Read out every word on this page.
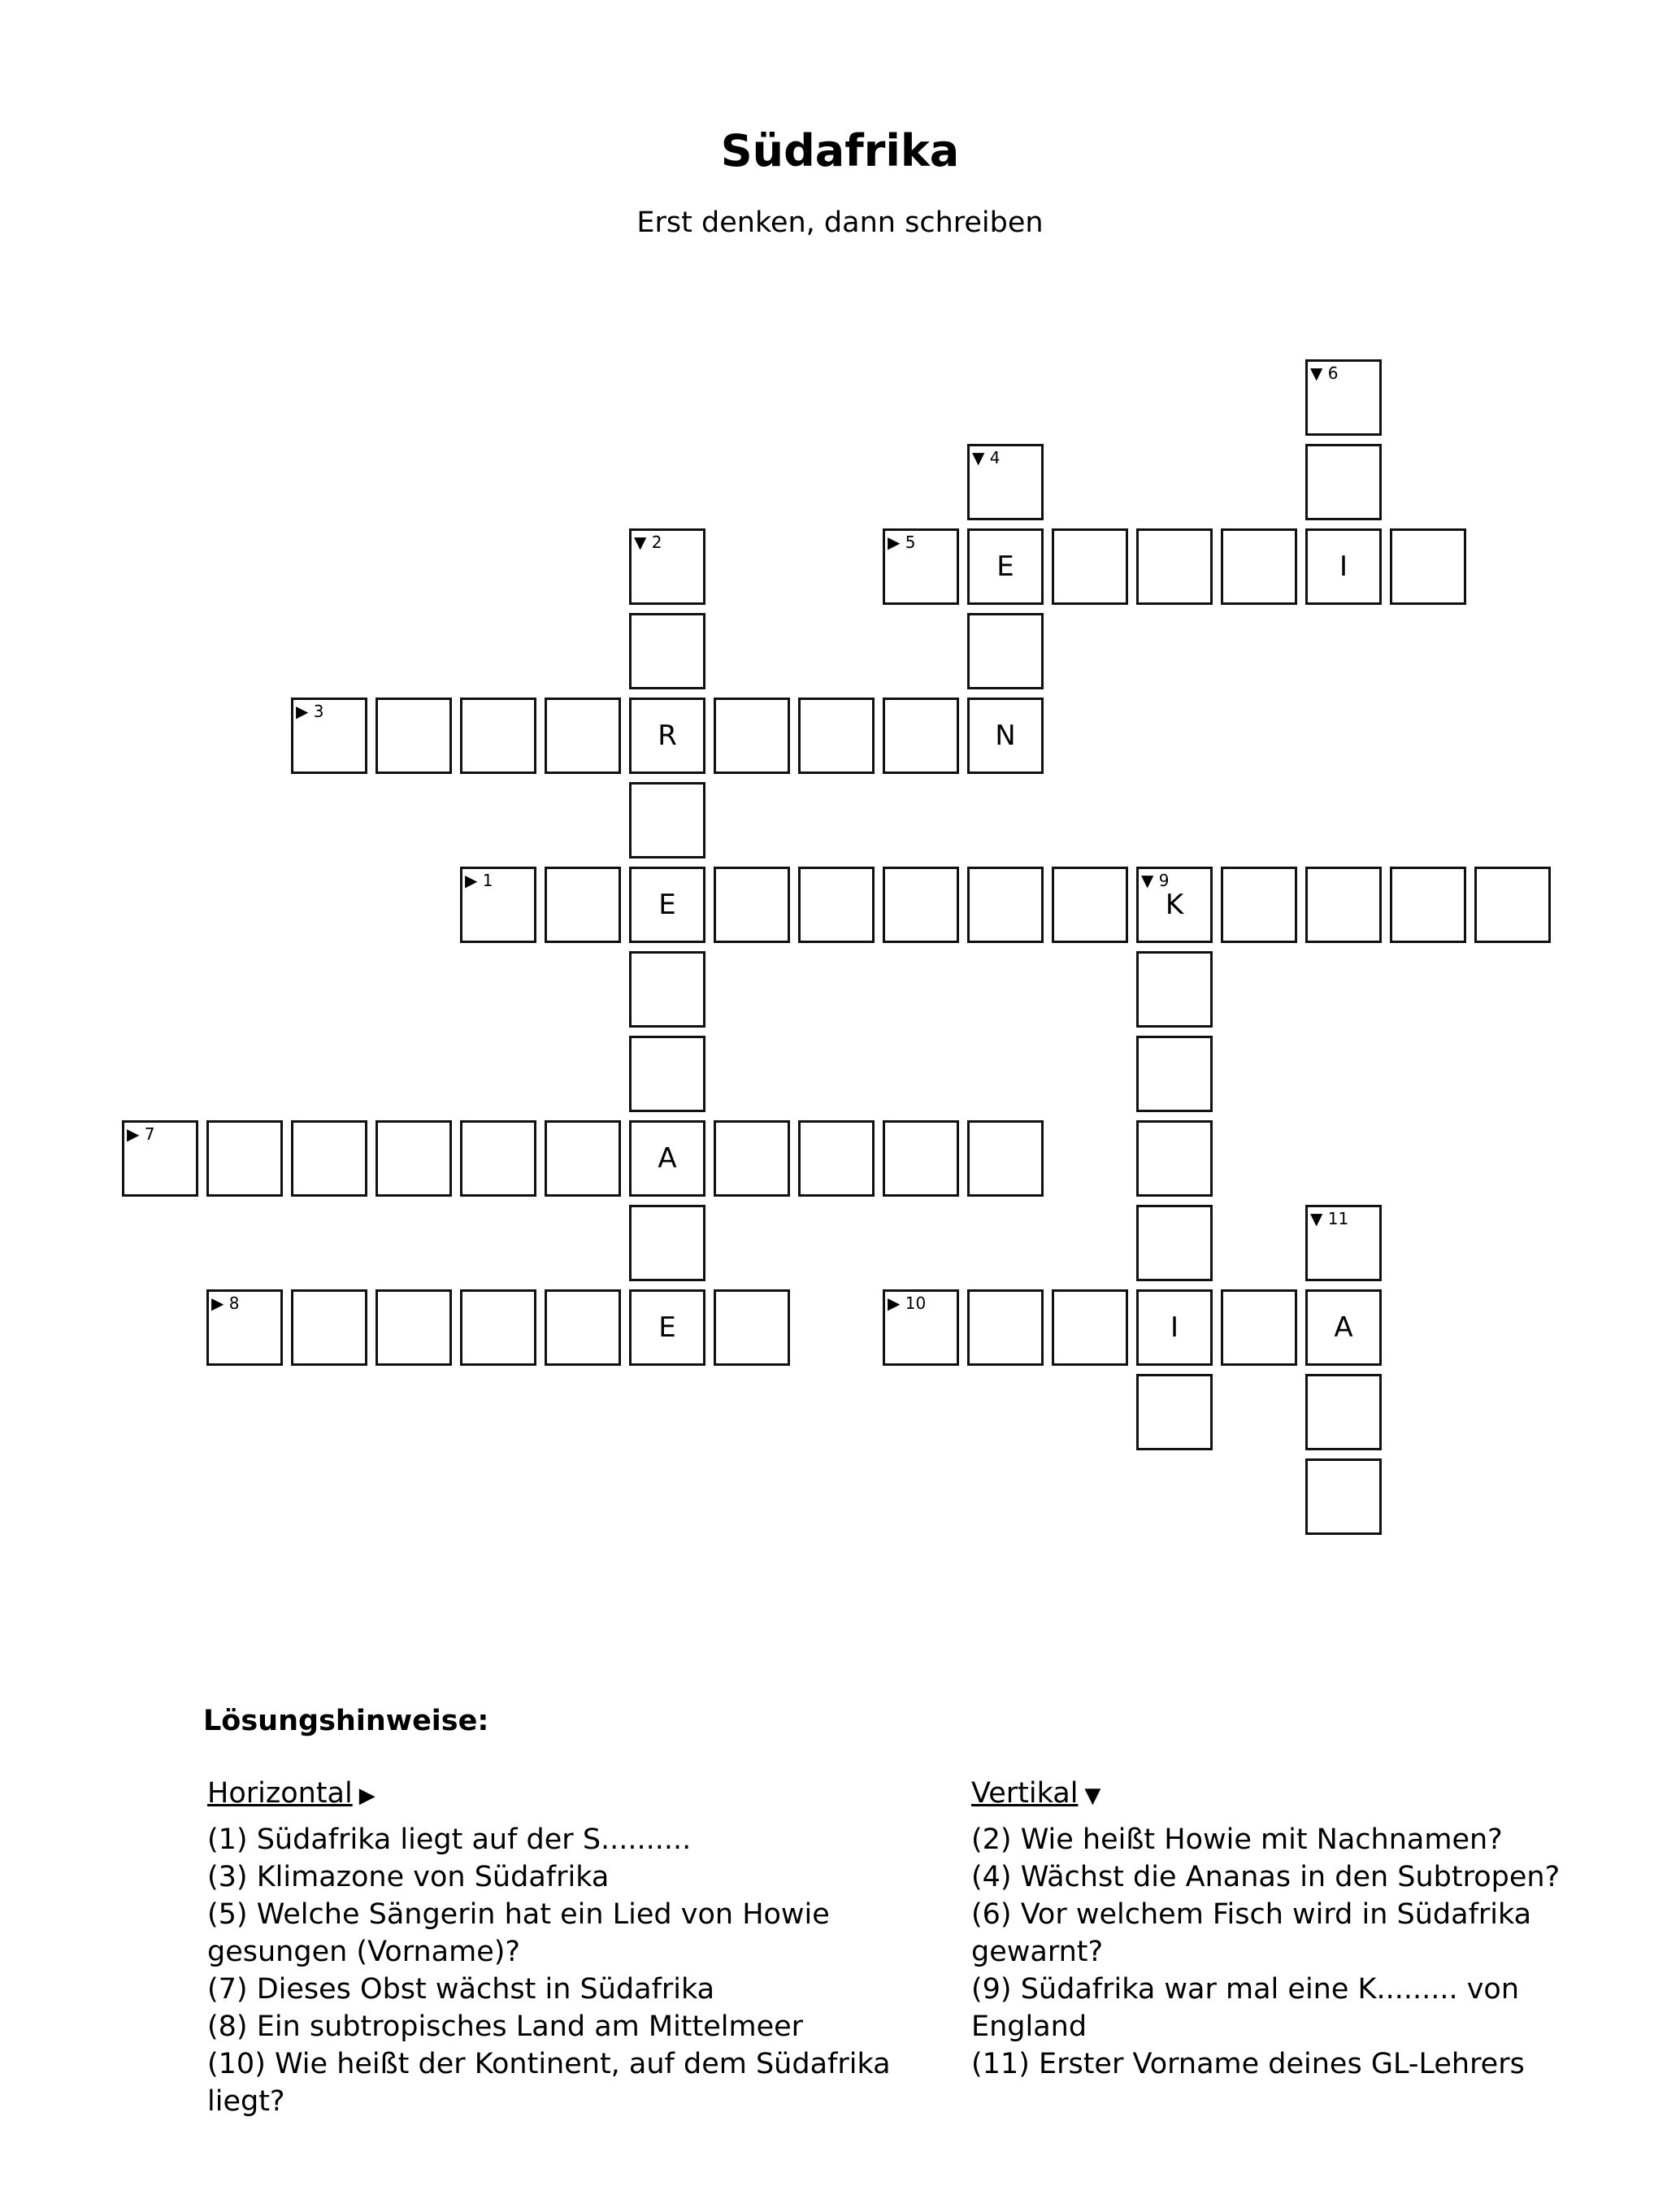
Südafrika
Erst denken, dann schreiben
▼ 6
▼ 4
▼ 2	▶ 5
E	I
▶ 3
R	N
▶ 1
E
▼ 9
K
▶ 7
A
▼ 11
▶ 8
E
▶ 10
I	A
Lösungshinweise:
Horizontal ▶

(1) Südafrika liegt auf der S..........

(3) Klimazone von Südafrika

(5) Welche Sängerin hat ein Lied von Howie gesungen (Vorname)?

(7) Dieses Obst wächst in Südafrika

(8) Ein subtropisches Land am Mittelmeer

(10) Wie heißt der Kontinent, auf dem Südafrika liegt?

Vertikal ▼

(2) Wie heißt Howie mit Nachnamen?

(4) Wächst die Ananas in den Subtropen?

(6) Vor welchem Fisch wird in Südafrika gewarnt?

(9) Südafrika war mal eine K......... von England

(11) Erster Vorname deines GL-Lehrers
